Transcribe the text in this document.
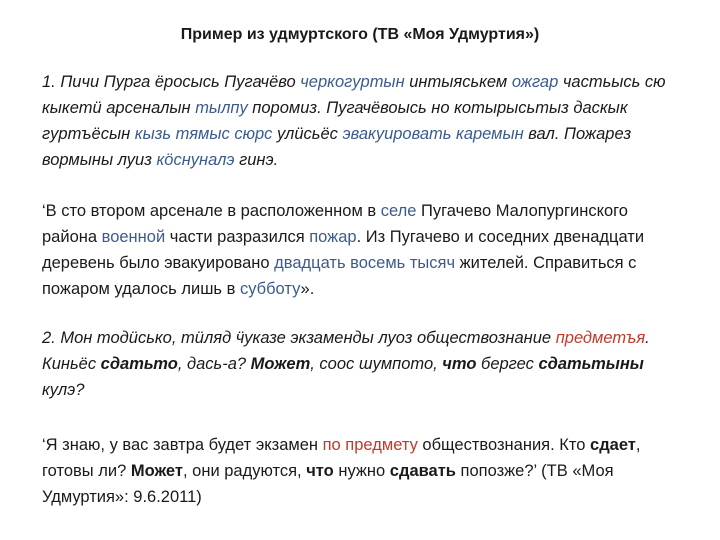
Пример из удмуртского (ТВ «Моя Удмуртия»)

1. Пичи Пурга ёросысь Пугачёво черкогуртын интыяськем ожгар частьысь сю кыкетӥ арсеналын тылпу поромиз. Пугачёвоысь но котырысьтыз даскык гуртъёсын кызь тямыс сюрс улӥсьёс эвакуировать каремын вал. Пожарез вормыны луиз кӧснуналэ гинэ.

‘В сто втором арсенале в расположенном в селе Пугачево Малопургинского района военной части разразился пожар. Из Пугачево и соседних двенадцати деревень было эвакуировано двадцать восемь тысяч жителей. Справиться с пожаром удалось лишь в субботу».

2. Мон тодӥсько, тӥляд ӵуказе экзаменды луоз обществознание предметъя. Киньёс сдатьто, дась-а? Может, соос шумпото, что бергес сдатьтыны кулэ?

‘Я знаю, у вас завтра будет экзамен по предмету обществознания. Кто сдает, готовы ли? Может, они радуются, что нужно сдавать попозже?’ (ТВ «Моя Удмуртия»: 9.6.2011)
